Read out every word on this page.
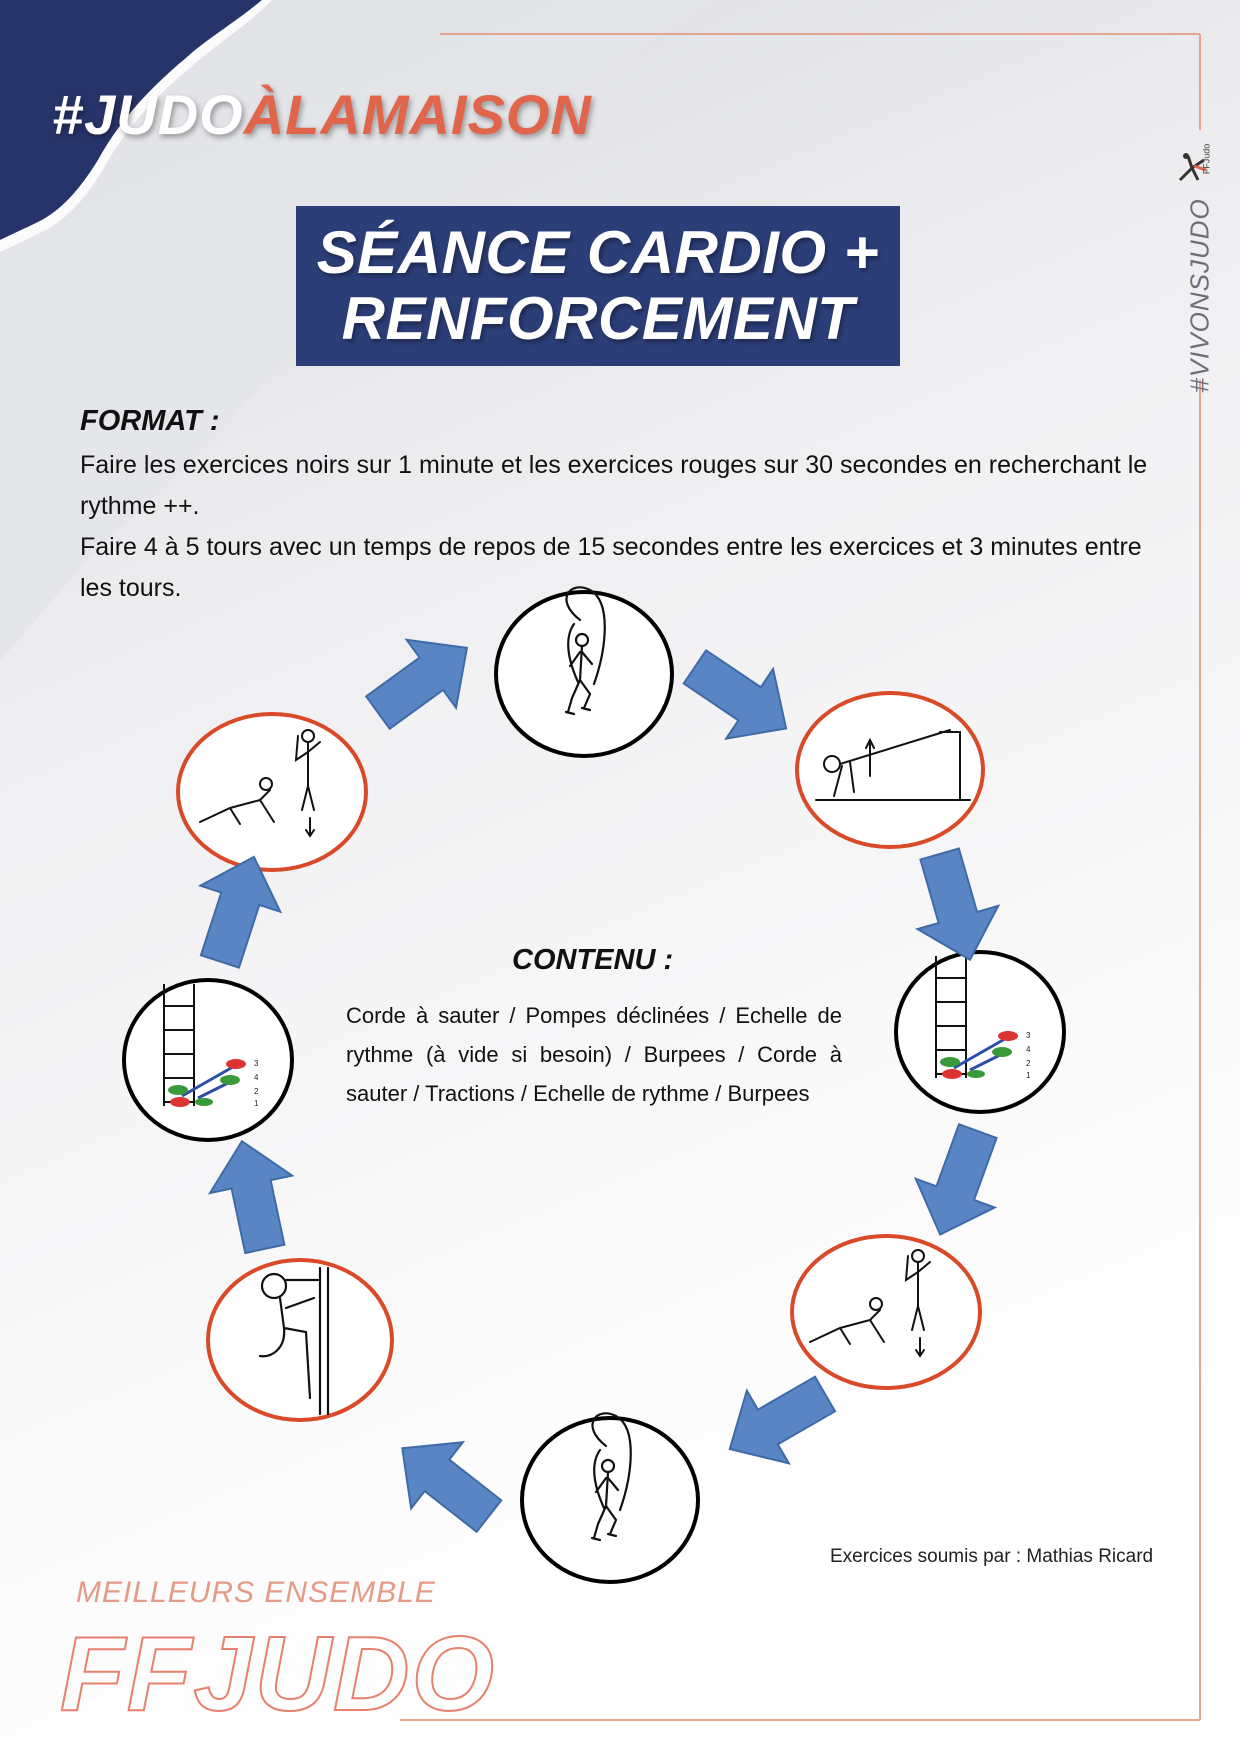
#JUDOÀLAMAISON
FFJudo
#VIVONSJUDO
SÉANCE CARDIO +
RENFORCEMENT
FORMAT :
Faire les exercices noirs sur 1 minute et les exercices rouges sur 30 secondes en recherchant le rythme ++.
Faire 4 à 5 tours avec un temps de repos de 15 secondes entre les exercices et 3 minutes entre les tours.
3
4
2
1
CONTENU :

Corde à sauter / Pompes déclinées / Echelle de rythme (à vide si besoin) / Burpees / Corde à sauter / Tractions / Echelle de rythme / Burpees

Exercices soumis par : Mathias Ricard
MEILLEURS ENSEMBLE
FFJUDO
